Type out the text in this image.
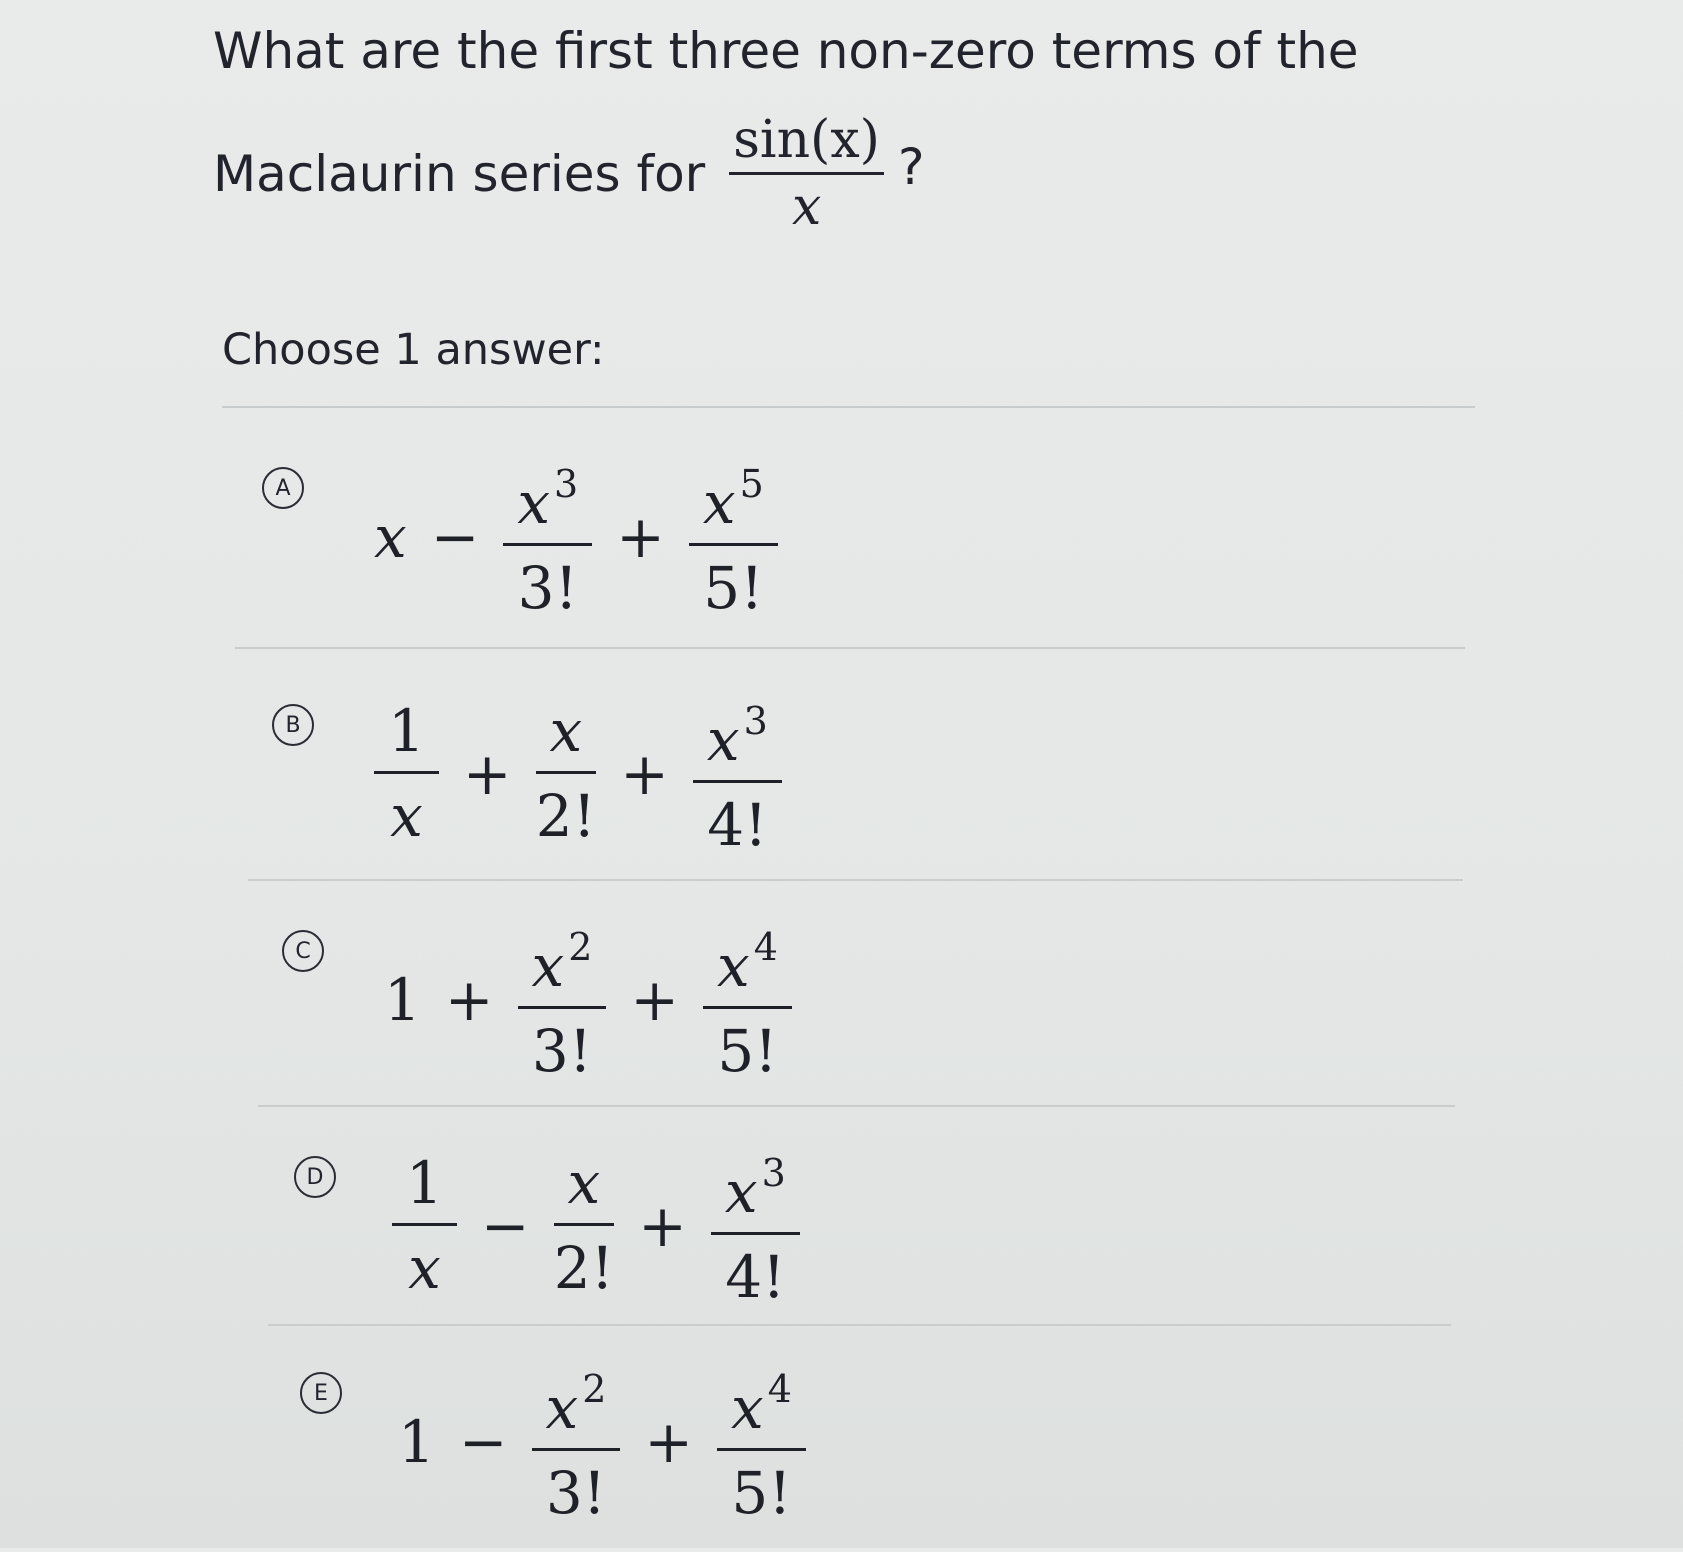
What are the first three non-zero terms of the
Maclaurin series for $\frac{\sin(x)}{x}$ ?
Choose 1 answer:
A
$x - \frac{x ^3}{3!} + \frac{x ^5}{5!}$
B $\frac{1}{x} + \frac{x}{2!} + \frac{x ^3}{4!}$
C
$1 + \frac{x ^2}{3!} + \frac{x ^4}{5!}$
D $\frac{1}{x} - \frac{x}{2!} + \frac{x ^3}{4!}$
E
$1 - \frac{x ^2}{3!} + \frac{x ^4}{5!}$
